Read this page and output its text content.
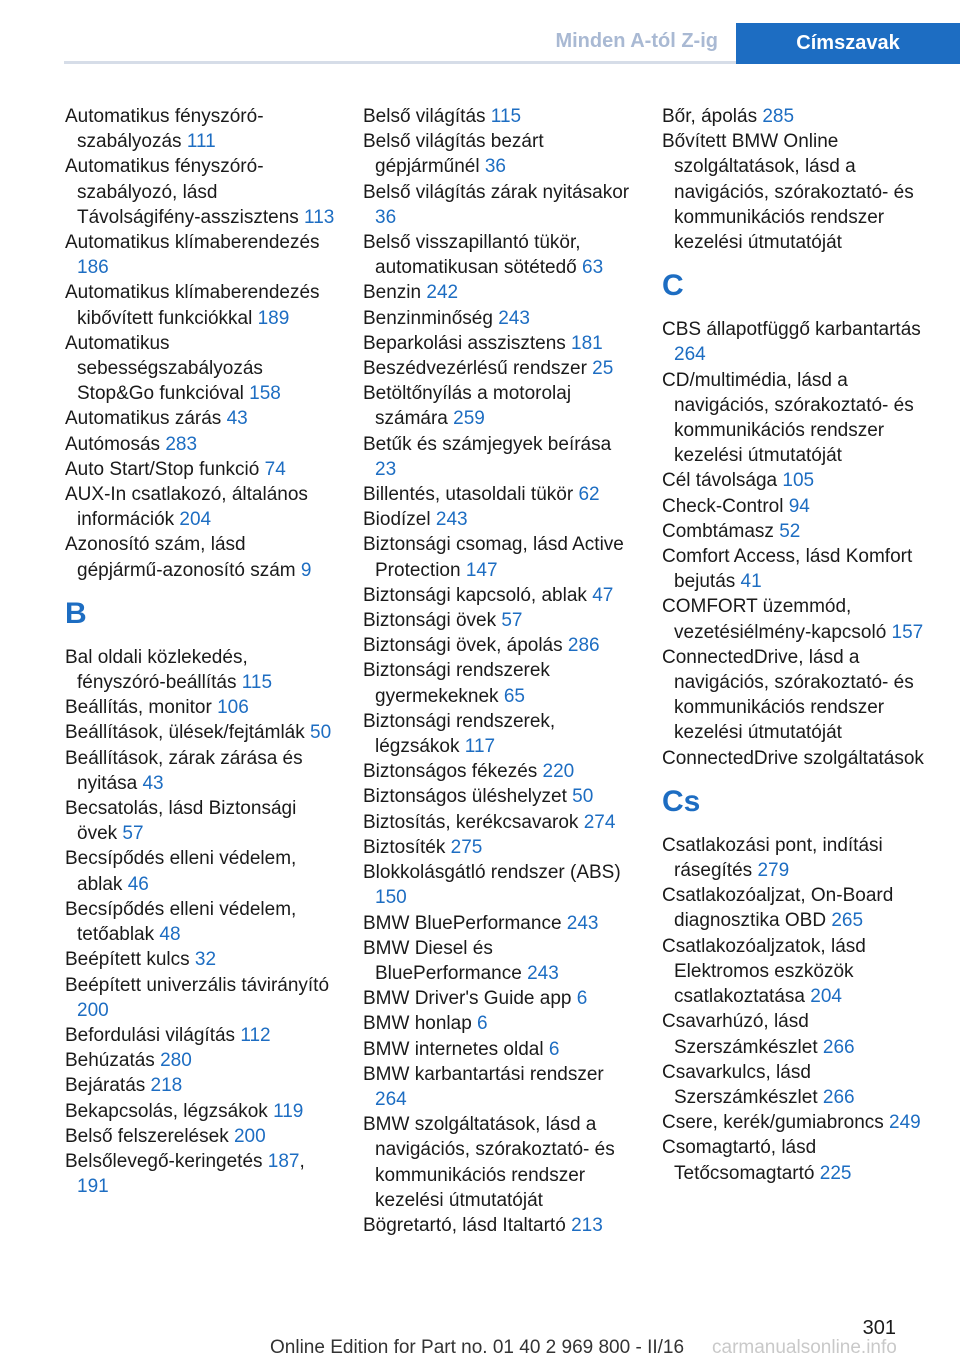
Minden A-tól Z-ig	Címszavak
Automatikus fényszóró-szabályozás 111
Automatikus fényszóró-szabályozó, lásd Távolságifény-asszisztens 113
Automatikus klímaberendezés 186
Automatikus klímaberendezés kibővített funkciókkal 189
Automatikus sebességszabályozás Stop&Go funkcióval 158
Automatikus zárás 43
Autómosás 283
Auto Start/Stop funkció 74
AUX-In csatlakozó, általános információk 204
Azonosító szám, lásd gépjármű-azonosító szám 9
B
Bal oldali közlekedés, fényszóró-beállítás 115
Beállítás, monitor 106
Beállítások, ülések/fejtámlák 50
Beállítások, zárak zárása és nyitása 43
Becsatolás, lásd Biztonsági övek 57
Becsípődés elleni védelem, ablak 46
Becsípődés elleni védelem, tetőablak 48
Beépített kulcs 32
Beépített univerzális távirányító 200
Befordulási világítás 112
Behúzatás 280
Bejáratás 218
Bekapcsolás, légzsákok 119
Belső felszerelések 200
Belsőlevegő-keringetés 187, 191
Belső világítás 115
Belső világítás bezárt gépjárműnél 36
Belső világítás zárak nyitásakor 36
Belső visszapillantó tükör, automatikusan sötétedő 63
Benzin 242
Benzinminőség 243
Beparkolási asszisztens 181
Beszédvezérlésű rendszer 25
Betöltőnyílás a motorolaj számára 259
Betűk és számjegyek beírása 23
Billentés, utasoldali tükör 62
Biodízel 243
Biztonsági csomag, lásd Active Protection 147
Biztonsági kapcsoló, ablak 47
Biztonsági övek 57
Biztonsági övek, ápolás 286
Biztonsági rendszerek gyermekeknek 65
Biztonsági rendszerek, légzsákok 117
Biztonságos fékezés 220
Biztonságos üléshelyzet 50
Biztosítás, kerékcsavarok 274
Biztosíték 275
Blokkolásgátló rendszer (ABS) 150
BMW BluePerformance 243
BMW Diesel és BluePerformance 243
BMW Driver's Guide app 6
BMW honlap 6
BMW internetes oldal 6
BMW karbantartási rendszer 264
BMW szolgáltatások, lásd a navigációs, szórakoztató- és kommunikációs rendszer kezelési útmutatóját
Bögretartó, lásd Italtartó 213
Bőr, ápolás 285
Bővített BMW Online szolgáltatások, lásd a navigációs, szórakoztató- és kommunikációs rendszer kezelési útmutatóját
C
CBS állapotfüggő karbantartás 264
CD/multimédia, lásd a navigációs, szórakoztató- és kommunikációs rendszer kezelési útmutatóját
Cél távolsága 105
Check-Control 94
Combtámasz 52
Comfort Access, lásd Komfort bejutás 41
COMFORT üzemmód, vezetésiélmény-kapcsoló 157
ConnectedDrive, lásd a navigációs, szórakoztató- és kommunikációs rendszer kezelési útmutatóját
ConnectedDrive szolgáltatások
Cs
Csatlakozási pont, indítási rásegítés 279
Csatlakozóaljzat, On-Board diagnosztika OBD 265
Csatlakozóaljzatok, lásd Elektromos eszközök csatlakoztatása 204
Csavarhúzó, lásd Szerszámkészlet 266
Csavarkulcs, lásd Szerszámkészlet 266
Csere, kerék/gumiabroncs 249
Csomagtartó, lásd Tetőcsomagtartó 225
301
Online Edition for Part no. 01 40 2 969 800 - II/16 carmanualsonline.info
